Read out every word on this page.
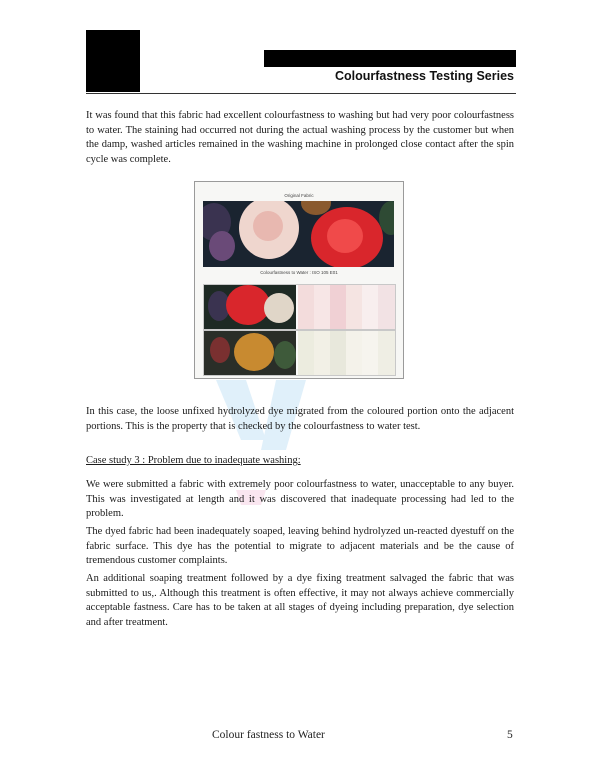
Colourfastness Testing Series

It was found that this fabric had excellent colourfastness to washing but had very poor colourfastness to water. The staining had occurred not during the actual washing process by the customer but when the damp, washed articles remained in the washing machine in prolonged close contact after the spin cycle was complete.

Original Fabric
Colourfastness to Water : ISO 105 E01

In this case, the loose unfixed hydrolyzed dye migrated from the coloured portion onto the adjacent portions. This is the property that is checked by the colourfastness to water test.

Case study 3 : Problem due to inadequate washing:

We were submitted a fabric with extremely poor colourfastness to water, unacceptable to any buyer. This was investigated at length and it was discovered that inadequate processing had led to the problem.

The dyed fabric had been inadequately soaped, leaving behind hydrolyzed un-reacted dyestuff on the fabric surface. This dye has the potential to migrate to adjacent materials and be the cause of tremendous customer complaints.

An additional soaping treatment followed by a dye fixing treatment salvaged the fabric that was submitted to us,. Although this treatment is often effective, it may not always achieve commercially acceptable fastness. Care has to be taken at all stages of dyeing including preparation, dye selection and after treatment.

Colour fastness to Water	5
